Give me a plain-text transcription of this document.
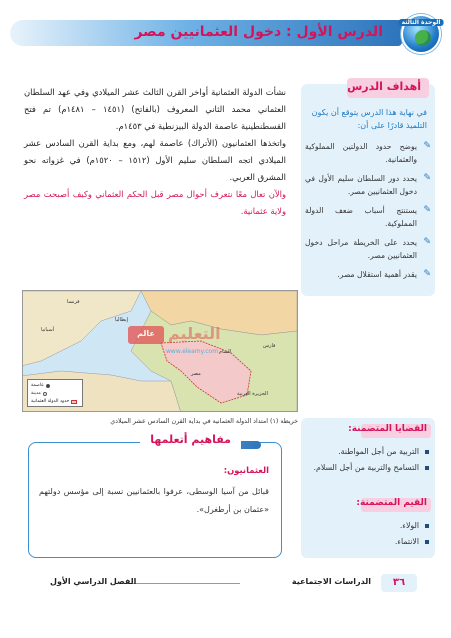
الدرس الأول : دخول العثمانيين مصر
الوحدة الثالثة
أهداف الدرس
في نهاية هذا الدرس يتوقع أن يكون التلميذ قادرًا على أن:
✎
يوضح حدود الدولتين المملوكية والعثمانية.
✎
يحدد دور السلطان سليم الأول في دخول العثمانيين مصر.
✎
يستنتج أسباب ضعف الدولة المملوكية.
✎
يحدد على الخريطة مراحل دخول العثمانيين مصر.
✎
يقدر أهمية استقلال مصر.

نشأت الدولة العثمانية أواخر القرن الثالث عشر الميلادي وفي عهد السلطان العثماني محمد الثاني المعروف (بالفاتح) (١٤٥١ – ١٤٨١م) تم فتح القسطنطينية عاصمة الدولة البيزنطية في ١٤٥٣م.

واتخذها العثمانيون (الأتراك) عاصمة لهم، ومع بداية القرن السادس عشر الميلادي اتجه السلطان سليم الأول (١٥١٢ – ١٥٢٠م) في غزواته نحو المشرق العربي.

والآن تعال معًا نتعرف أحوال مصر قبل الحكم العثماني وكيف أصبحت مصر ولاية عثمانية.

أسبانيا
فرنسا
إيطاليا
فارس
الشام
مصر
الجزيرة العربية
عاصمة
مدينة
حدود الدولة العثمانية
خريطة (١) امتداد الدولة العثمانية في بداية القرن السادس عشر الميلادي
عالم التعليم
www.eleamy.com
مفاهيم أتعلمها
العثمانيون:
قبائل من آسيا الوسطى، عرفوا بالعثمانيين نسبة إلى مؤسس دولتهم «عثمان بن أرطغرل».
القضايا المتضمنة:
التربية من أجل المواطنة.
التسامح والتربية من أجل السلام.
القيم المتضمنة:
الولاء.
الانتماء.
٣٦
الدراسات الاجتماعية
الفصل الدراسي الأول
